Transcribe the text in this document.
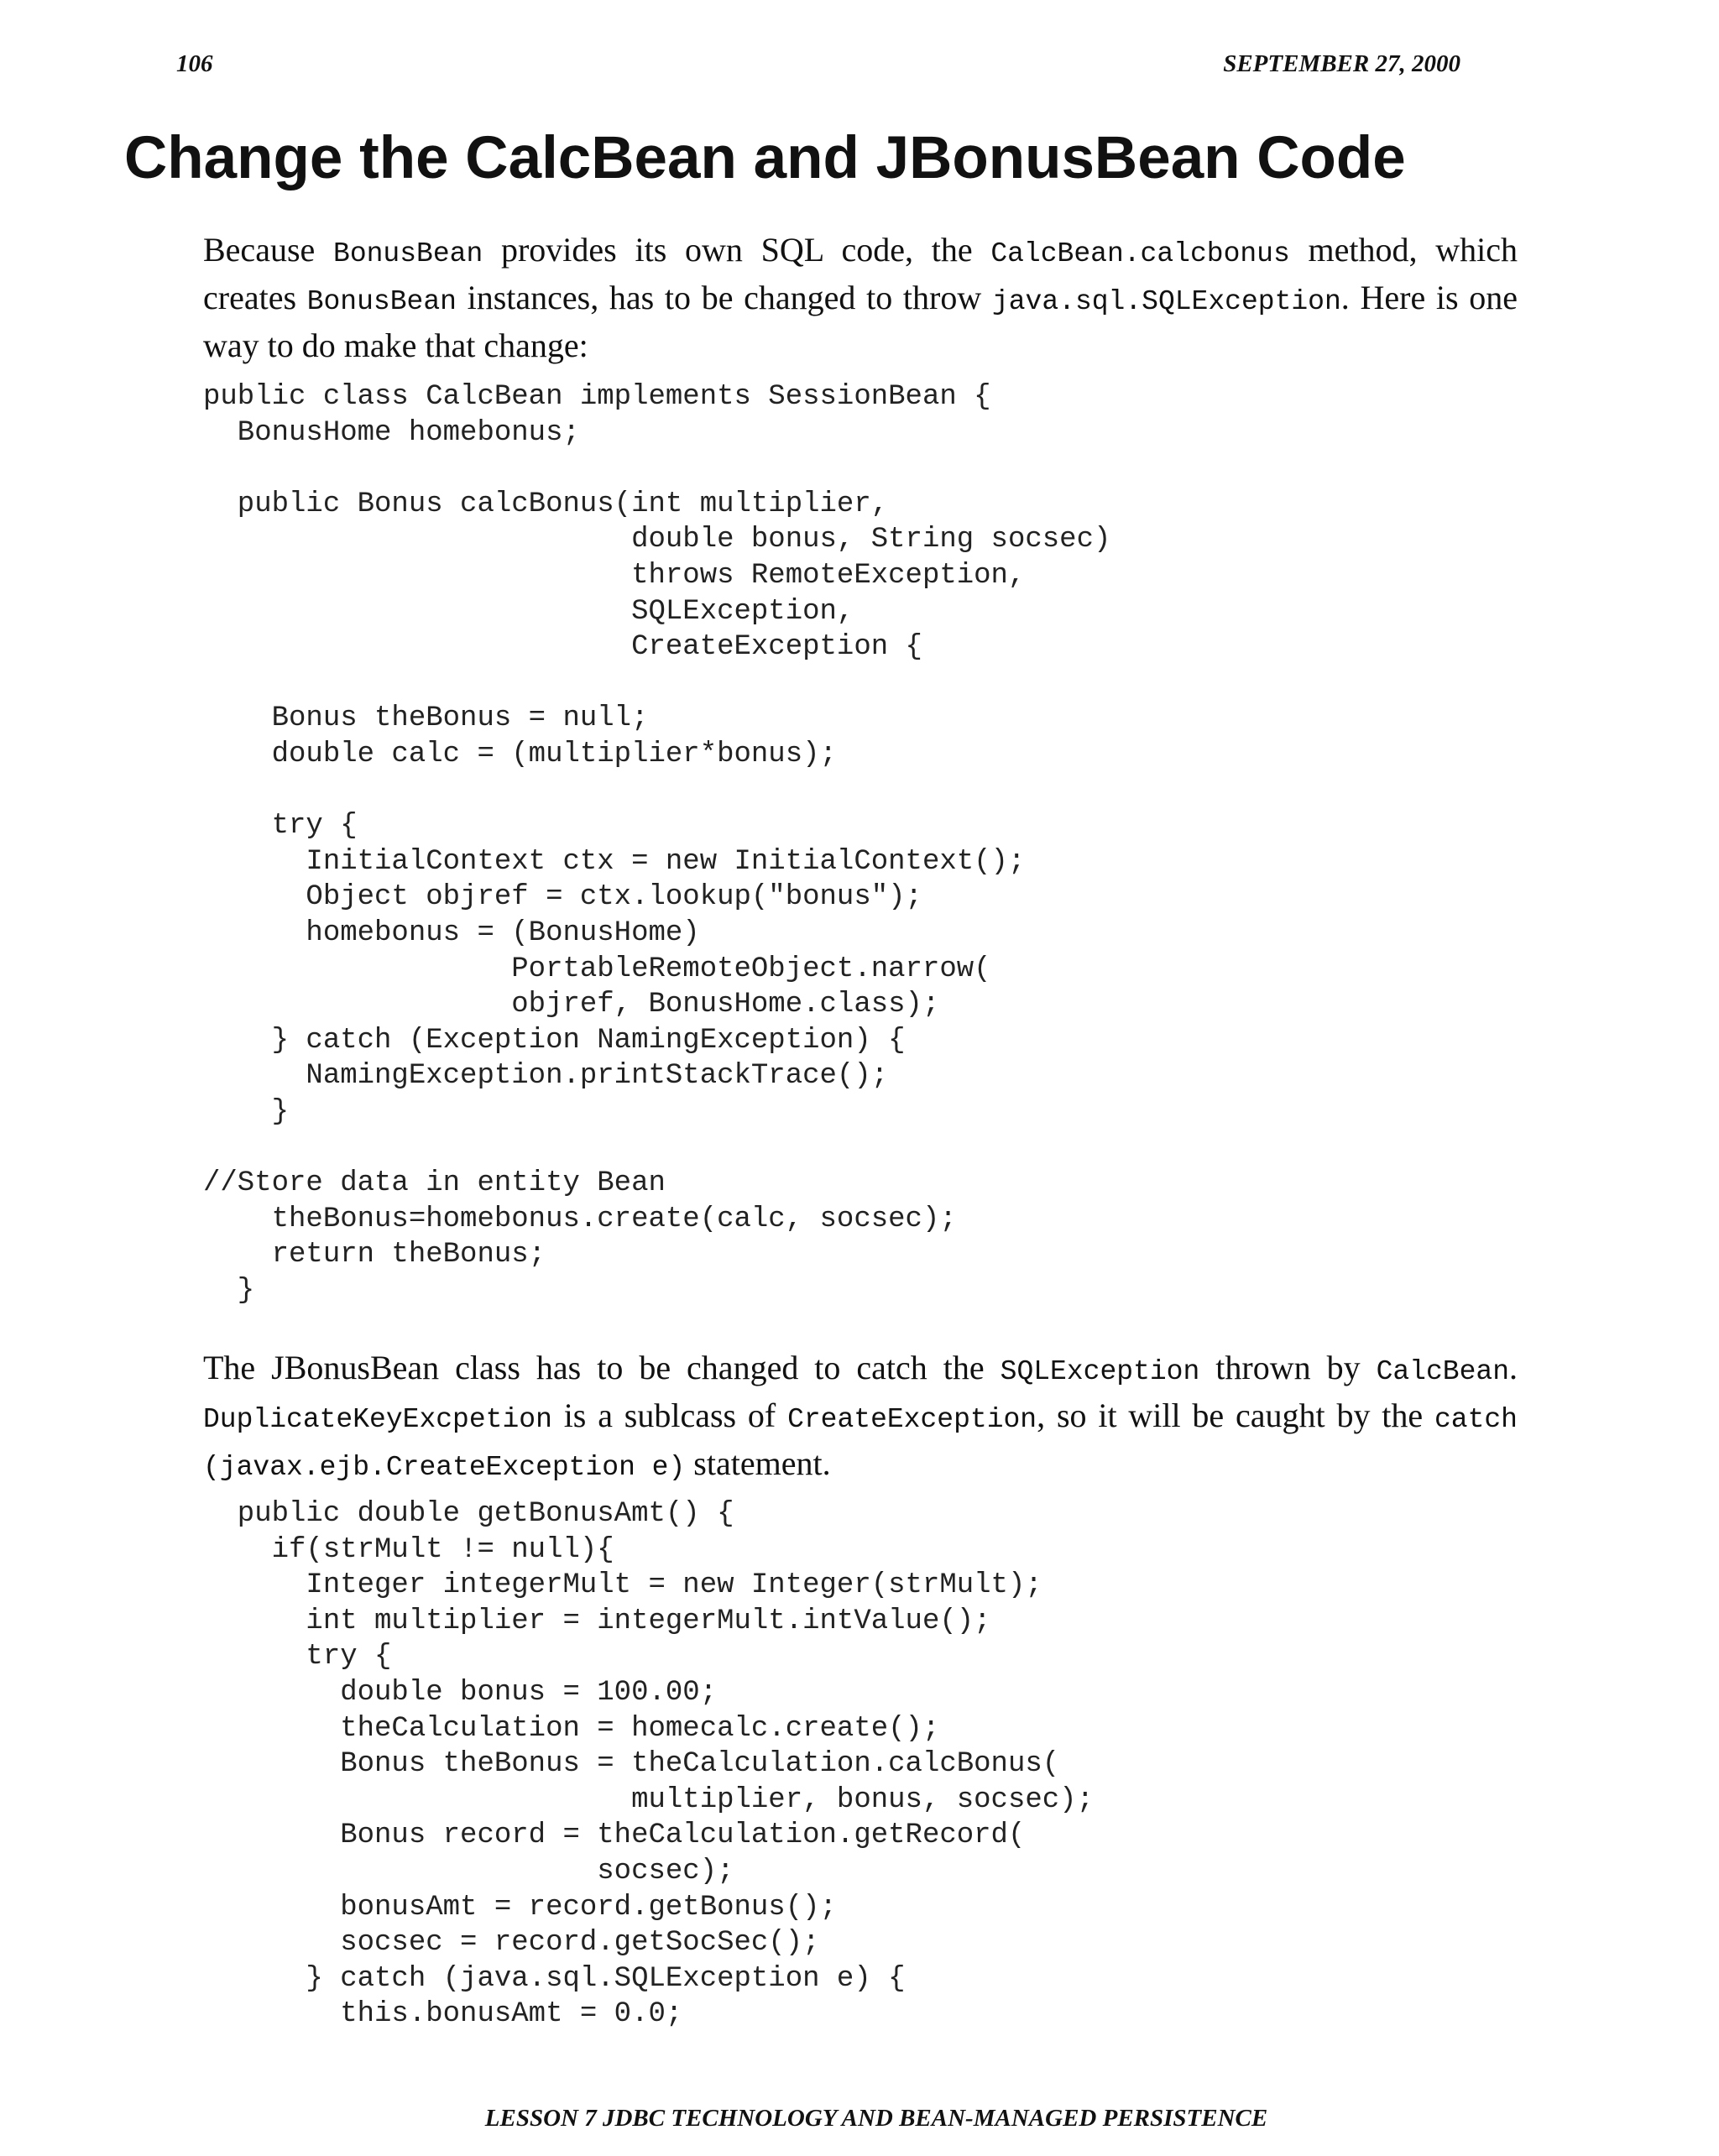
106	SEPTEMBER 27, 2000
Change the CalcBean and JBonusBean Code

Because BonusBean provides its own SQL code, the CalcBean.calcbonus method, which creates BonusBean instances, has to be changed to throw java.sql.SQLException. Here is one way to do make that change:

public class CalcBean implements SessionBean {
BonusHome homebonus;
public Bonus calcBonus(int multiplier,
double bonus, String socsec)
throws RemoteException,
SQLException,
CreateException {
Bonus theBonus = null;
double calc = (multiplier*bonus);
try {
InitialContext ctx = new InitialContext();
Object objref = ctx.lookup("bonus");
homebonus = (BonusHome)
PortableRemoteObject.narrow(
objref, BonusHome.class);
} catch (Exception NamingException) {
NamingException.printStackTrace();
}
//Store data in entity Bean
theBonus=homebonus.create(calc, socsec);
return theBonus;
}

The JBonusBean class has to be changed to catch the SQLException thrown by CalcBean. DuplicateKeyExcpetion is a sublcass of CreateException, so it will be caught by the catch (javax.ejb.CreateException e) statement.

public double getBonusAmt() {
if(strMult != null){
Integer integerMult = new Integer(strMult);
int multiplier = integerMult.intValue();
try {
double bonus = 100.00;
theCalculation = homecalc.create();
Bonus theBonus = theCalculation.calcBonus(
multiplier, bonus, socsec);
Bonus record = theCalculation.getRecord(
socsec);
bonusAmt = record.getBonus();
socsec = record.getSocSec();
} catch (java.sql.SQLException e) {
this.bonusAmt = 0.0;
LESSON 7 JDBC TECHNOLOGY AND BEAN-MANAGED PERSISTENCE
